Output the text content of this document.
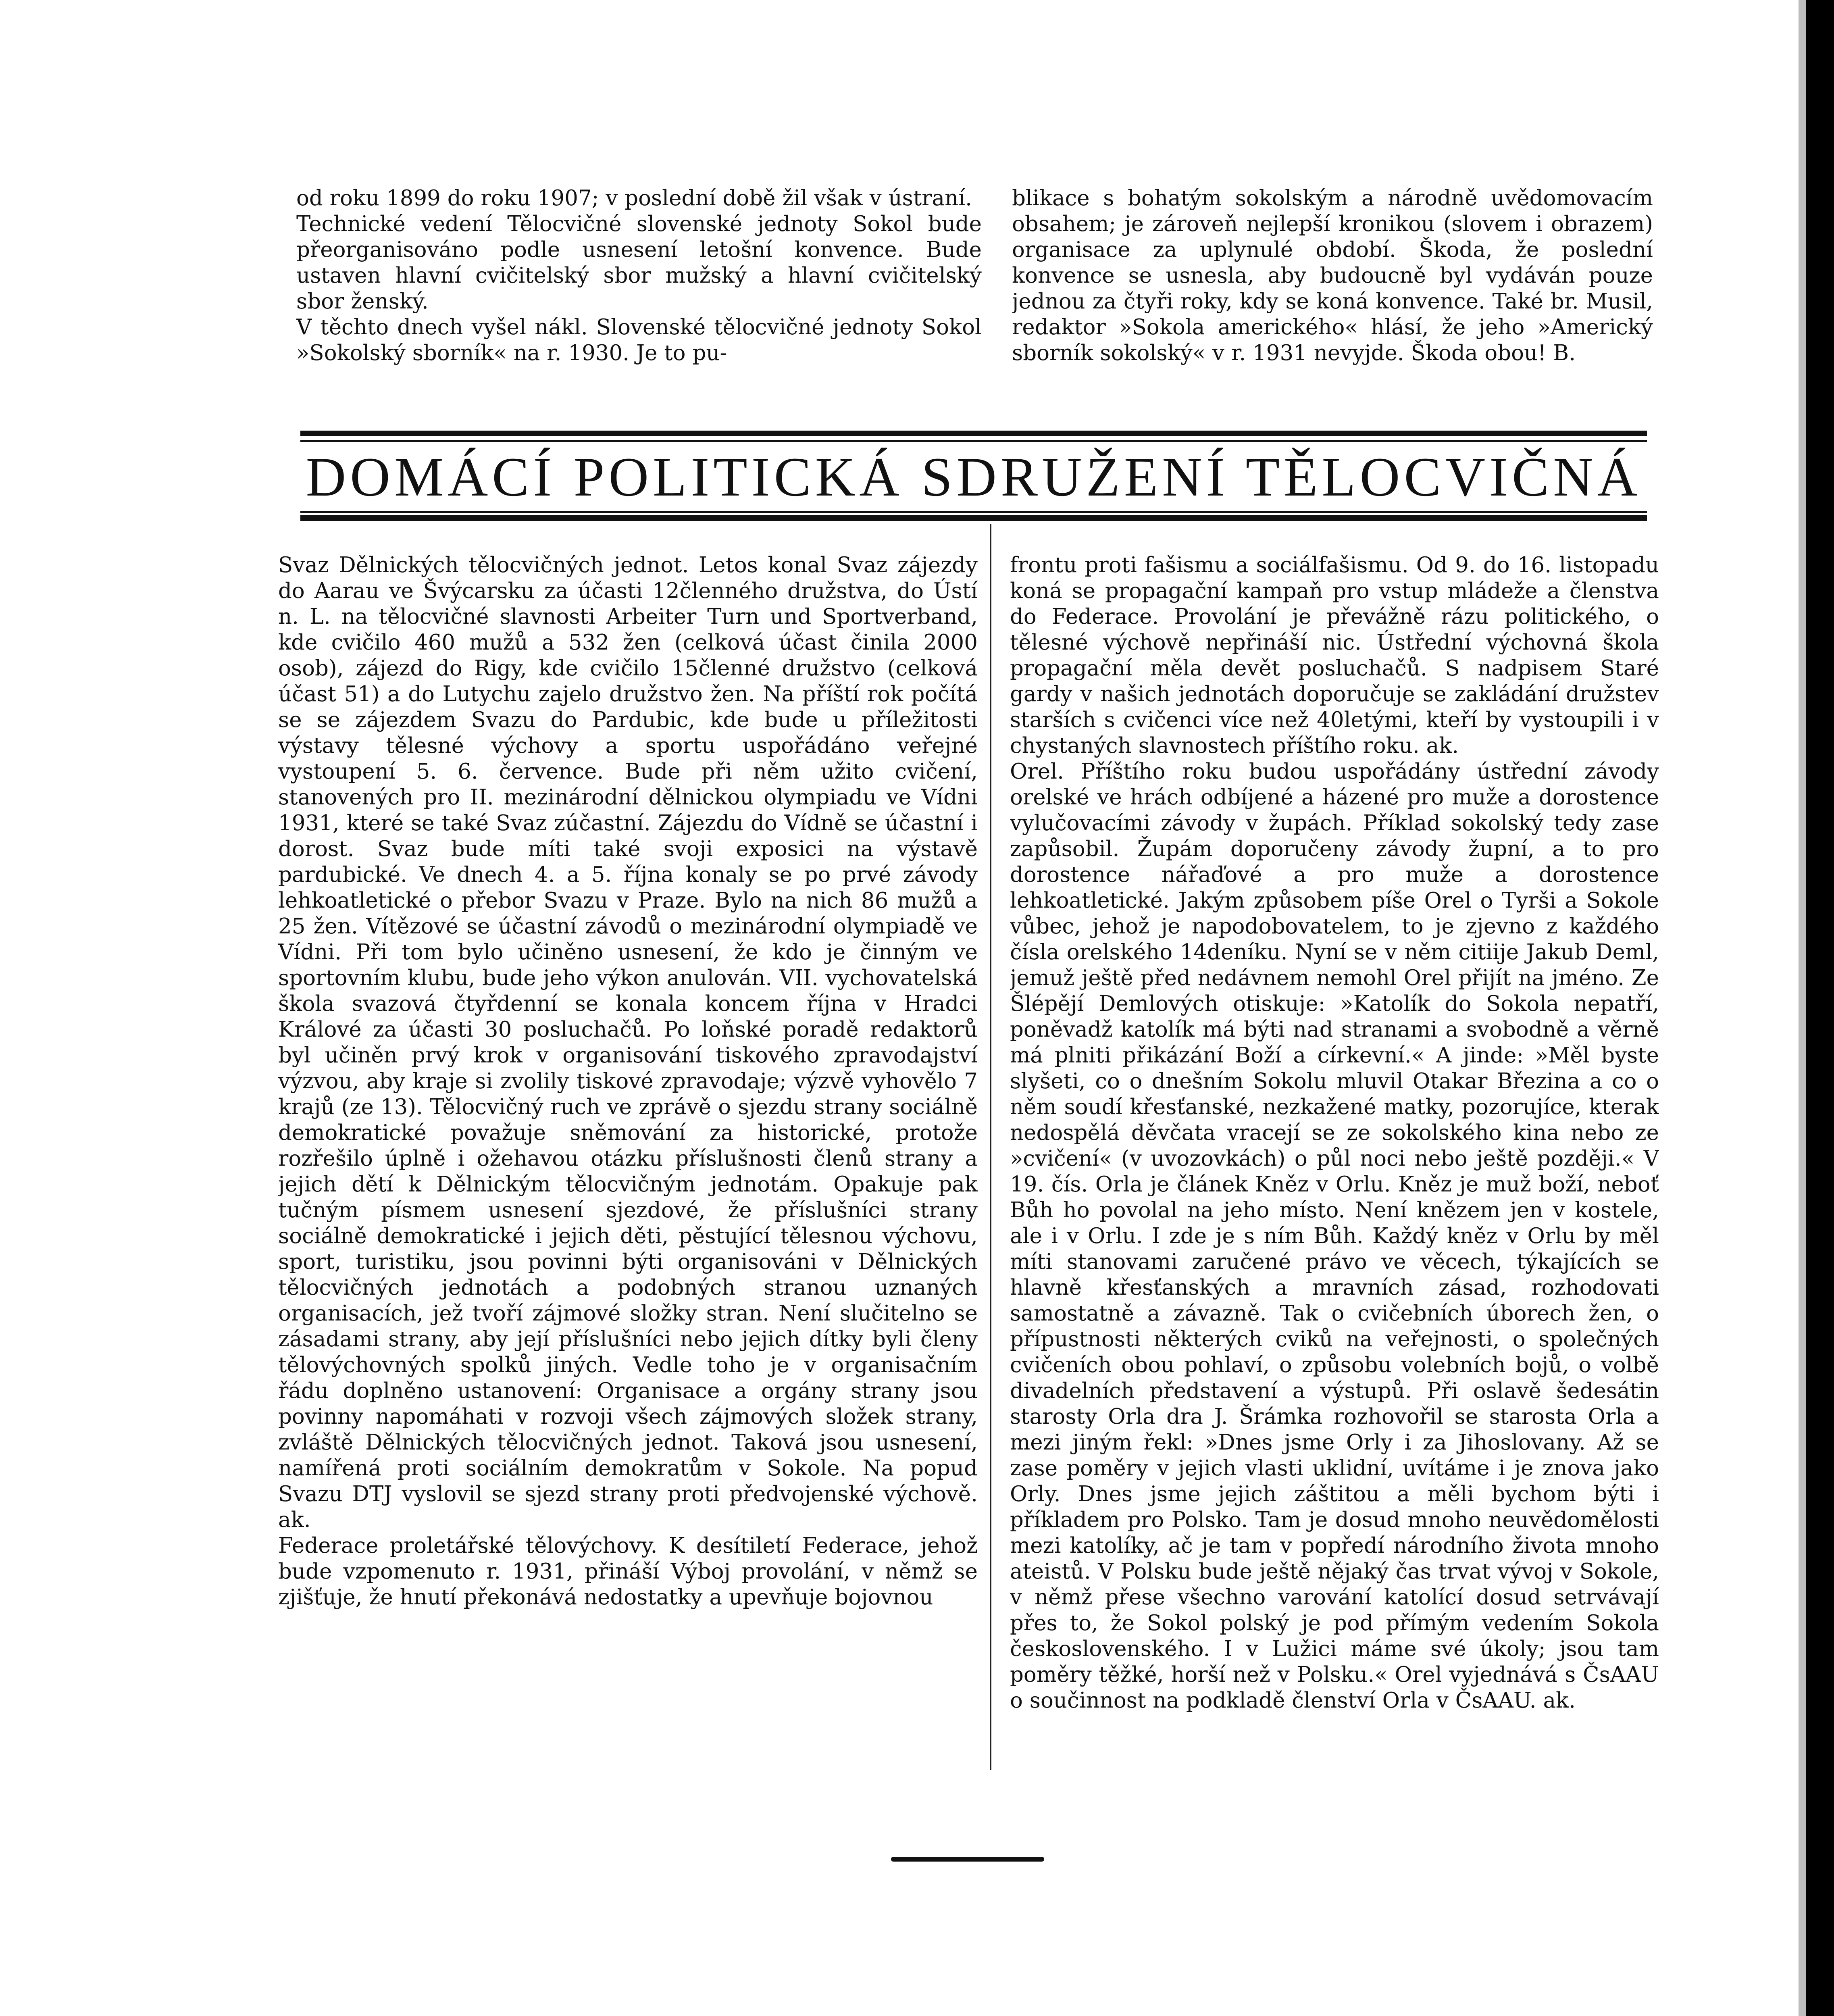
od roku 1899 do roku 1907; v poslední době žil však v ústraní.
Technické vedení Tělocvičné slovenské jednoty Sokol bude přeorganisováno podle usnesení letošní konvence. Bude ustaven hlavní cvičitelský sbor mužský a hlavní cvičitelský sbor ženský.
V těchto dnech vyšel nákl. Slovenské tělocvičné jednoty Sokol »Sokolský sborník« na r. 1930. Je to pu-
blikace s bohatým sokolským a národně uvědomovacím obsahem; je zároveň nejlepší kronikou (slovem i obrazem) organisace za uplynulé období. Škoda, že poslední konvence se usnesla, aby budoucně byl vydáván pouze jednou za čtyři roky, kdy se koná konvence. Také br. Musil, redaktor »Sokola amerického« hlásí, že jeho »Americký sborník sokolský« v r. 1931 nevyjde. Škoda obou! B.
DOMÁCÍ POLITICKÁ SDRUŽENÍ TĚLOCVIČNÁ
Svaz Dělnických tělocvičných jednot. Letos konal Svaz zájezdy do Aarau ve Švýcarsku za účasti 12členného družstva, do Ústí n. L. na tělocvičné slavnosti Arbeiter Turn und Sportverband, kde cvičilo 460 mužů a 532 žen (celková účast činila 2000 osob), zájezd do Rigy, kde cvičilo 15členné družstvo (celková účast 51) a do Lutychu zajelo družstvo žen. Na příští rok počítá se se zájezdem Svazu do Pardubic, kde bude u příležitosti výstavy tělesné výchovy a sportu uspořádáno veřejné vystoupení 5. 6. července. Bude při něm užito cvičení, stanovených pro II. mezinárodní dělnickou olympiadu ve Vídni 1931, které se také Svaz zúčastní. Zájezdu do Vídně se účastní i dorost. Svaz bude míti také svoji exposici na výstavě pardubické. Ve dnech 4. a 5. října konaly se po prvé závody lehkoatletické o přebor Svazu v Praze. Bylo na nich 86 mužů a 25 žen. Vítězové se účastní závodů o mezinárodní olympiadě ve Vídni. Při tom bylo učiněno usnesení, že kdo je činným ve sportovním klubu, bude jeho výkon anulován. VII. vychovatelská škola svazová čtyřdenní se konala koncem října v Hradci Králové za účasti 30 posluchačů. Po loňské poradě redaktorů byl učiněn prvý krok v organisování tiskového zpravodajství výzvou, aby kraje si zvolily tiskové zpravodaje; výzvě vyhovělo 7 krajů (ze 13). Tělocvičný ruch ve zprávě o sjezdu strany sociálně demokratické považuje sněmování za historické, protože rozřešilo úplně i ožehavou otázku příslušnosti členů strany a jejich dětí k Dělnickým tělocvičným jednotám. Opakuje pak tučným písmem usnesení sjezdové, že příslušníci strany sociálně demokratické i jejich děti, pěstující tělesnou výchovu, sport, turistiku, jsou povinni býti organisováni v Dělnických tělocvičných jednotách a podobných stranou uznaných organisacích, jež tvoří zájmové složky stran. Není slučitelno se zásadami strany, aby její příslušníci nebo jejich dítky byli členy tělovýchovných spolků jiných. Vedle toho je v organisačním řádu doplněno ustanovení: Organisace a orgány strany jsou povinny napomáhati v rozvoji všech zájmových složek strany, zvláště Dělnických tělocvičných jednot. Taková jsou usnesení, namířená proti sociálním demokratům v Sokole. Na popud Svazu DTJ vyslovil se sjezd strany proti předvojenské výchově. ak.
Federace proletářské tělovýchovy. K desítiletí Federace, jehož bude vzpomenuto r. 1931, přináší Výboj provolání, v němž se zjišťuje, že hnutí překonává nedostatky a upevňuje bojovnou
frontu proti fašismu a sociálfašismu. Od 9. do 16. listopadu koná se propagační kampaň pro vstup mládeže a členstva do Federace. Provolání je převážně rázu politického, o tělesné výchově nepřináší nic. Ústřední výchovná škola propagační měla devět posluchačů. S nadpisem Staré gardy v našich jednotách doporučuje se zakládání družstev starších s cvičenci více než 40letými, kteří by vystoupili i v chystaných slavnostech příštího roku. ak.
Orel. Příštího roku budou uspořádány ústřední závody orelské ve hrách odbíjené a házené pro muže a dorostence vylučovacími závody v župách. Příklad sokolský tedy zase zapůsobil. Župám doporučeny závody župní, a to pro dorostence nářaďové a pro muže a dorostence lehkoatletické. Jakým způsobem píše Orel o Tyrši a Sokole vůbec, jehož je napodobovatelem, to je zjevno z každého čísla orelského 14deníku. Nyní se v něm citiije Jakub Deml, jemuž ještě před nedávnem nemohl Orel přijít na jméno. Ze Šlépějí Demlových otiskuje: »Katolík do Sokola nepatří, poněvadž katolík má býti nad stranami a svobodně a věrně má plniti přikázání Boží a církevní.« A jinde: »Měl byste slyšeti, co o dnešním Sokolu mluvil Otakar Březina a co o něm soudí křesťanské, nezkažené matky, pozorujíce, kterak nedospělá děvčata vracejí se ze sokolského kina nebo ze »cvičení« (v uvozovkách) o půl noci nebo ještě později.« V 19. čís. Orla je článek Kněz v Orlu. Kněz je muž boží, neboť Bůh ho povolal na jeho místo. Není knězem jen v kostele, ale i v Orlu. I zde je s ním Bůh. Každý kněz v Orlu by měl míti stanovami zaručené právo ve věcech, týkajících se hlavně křesťanských a mravních zásad, rozhodovati samostatně a závazně. Tak o cvičebních úborech žen, o přípustnosti některých cviků na veřejnosti, o společných cvičeních obou pohlaví, o způsobu volebních bojů, o volbě divadelních představení a výstupů. Při oslavě šedesátin starosty Orla dra J. Šrámka rozhovořil se starosta Orla a mezi jiným řekl: »Dnes jsme Orly i za Jihoslovany. Až se zase poměry v jejich vlasti uklidní, uvítáme i je znova jako Orly. Dnes jsme jejich záštitou a měli bychom býti i příkladem pro Polsko. Tam je dosud mnoho neuvědomělosti mezi katolíky, ač je tam v popředí národního života mnoho ateistů. V Polsku bude ještě nějaký čas trvat vývoj v Sokole, v němž přese všechno varování katolící dosud setrvávají přes to, že Sokol polský je pod přímým vedením Sokola československého. I v Lužici máme své úkoly; jsou tam poměry těžké, horší než v Polsku.« Orel vyjednává s ČsAAU o součinnost na podkladě členství Orla v ČsAAU. ak.
